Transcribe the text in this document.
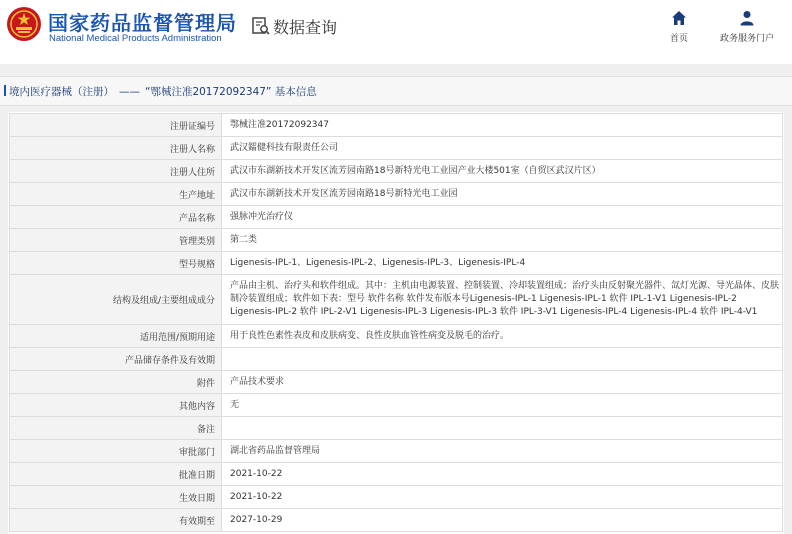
国家药品监督管理局
National Medical Products Administration
数据查询
首页	政务服务门户
境内医疗器械（注册） —— “鄂械注准20172092347” 基本信息
注册证编号	鄂械注准20172092347
注册人名称	武汉鐳健科技有限责任公司
注册人住所	武汉市东湖新技术开发区流芳园南路18号新特光电工业园产业大楼501室（自贸区武汉片区）
生产地址	武汉市东湖新技术开发区流芳园南路18号新特光电工业园
产品名称	强脉冲光治疗仪
管理类别	第二类
型号规格	Ligenesis-IPL-1、Ligenesis-IPL-2、Ligenesis-IPL-3、Ligenesis-IPL-4
结构及组成/主要组成成分	产品由主机、治疗头和软件组成。其中：主机由电源装置、控制装置、冷却装置组成；治疗头由反射聚光器件、氙灯光源、导光晶体、皮肤制冷装置组成；软件如下表：型号 软件名称 软件发布版本号Ligenesis-IPL-1 Ligenesis-IPL-1 软件 IPL-1-V1 Ligenesis-IPL-2 Ligenesis-IPL-2 软件 IPL-2-V1 Ligenesis-IPL-3 Ligenesis-IPL-3 软件 IPL-3-V1 Ligenesis-IPL-4 Ligenesis-IPL-4 软件 IPL-4-V1
适用范围/预期用途	用于良性色素性表皮和皮肤病变、良性皮肤血管性病变及脱毛的治疗。
产品储存条件及有效期	
附件	产品技术要求
其他内容	无
备注	
审批部门	湖北省药品监督管理局
批准日期	2021-10-22
生效日期	2021-10-22
有效期至	2027-10-29
